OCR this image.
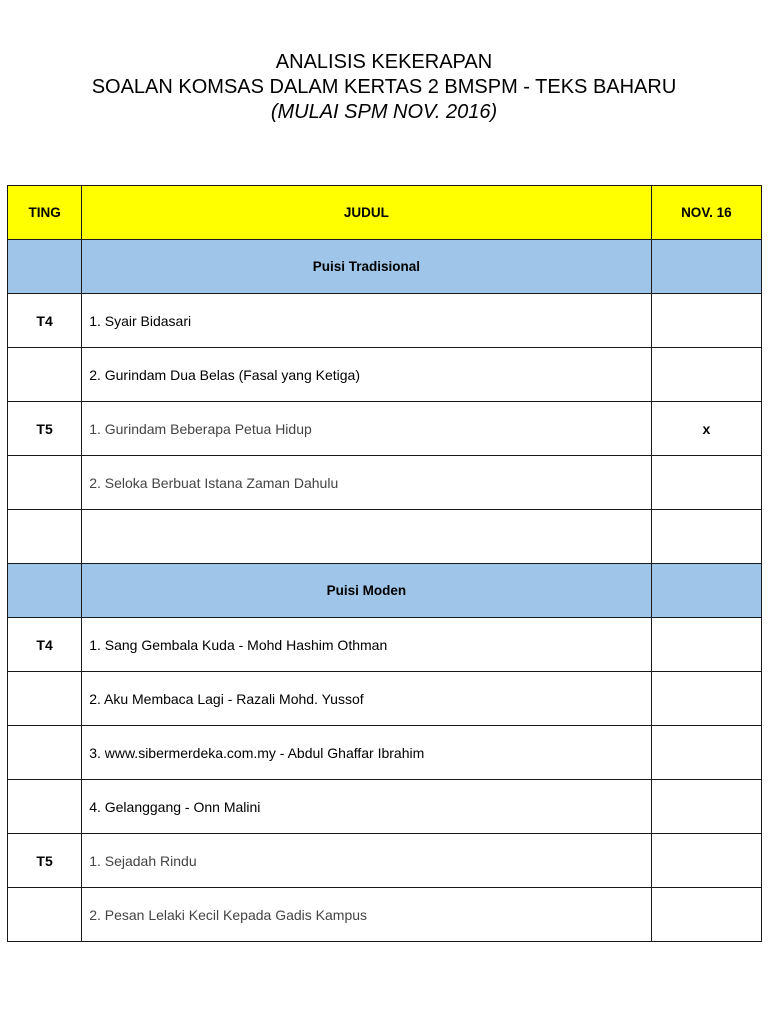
ANALISIS KEKERAPAN
SOALAN KOMSAS DALAM KERTAS 2 BMSPM - TEKS BAHARU
(MULAI SPM NOV. 2016)
TING	JUDUL	NOV. 16
	Puisi Tradisional	
T4	1. Syair Bidasari	
	2. Gurindam Dua Belas (Fasal yang Ketiga)	
T5	1. Gurindam Beberapa Petua Hidup	x
	2. Seloka Berbuat Istana Zaman Dahulu	

	Puisi Moden	
T4	1. Sang Gembala Kuda - Mohd Hashim Othman	
	2. Aku Membaca Lagi - Razali Mohd. Yussof	
	3. www.sibermerdeka.com.my - Abdul Ghaffar Ibrahim	
	4. Gelanggang - Onn Malini	
T5	1. Sejadah Rindu	
	2. Pesan Lelaki Kecil Kepada Gadis Kampus	
